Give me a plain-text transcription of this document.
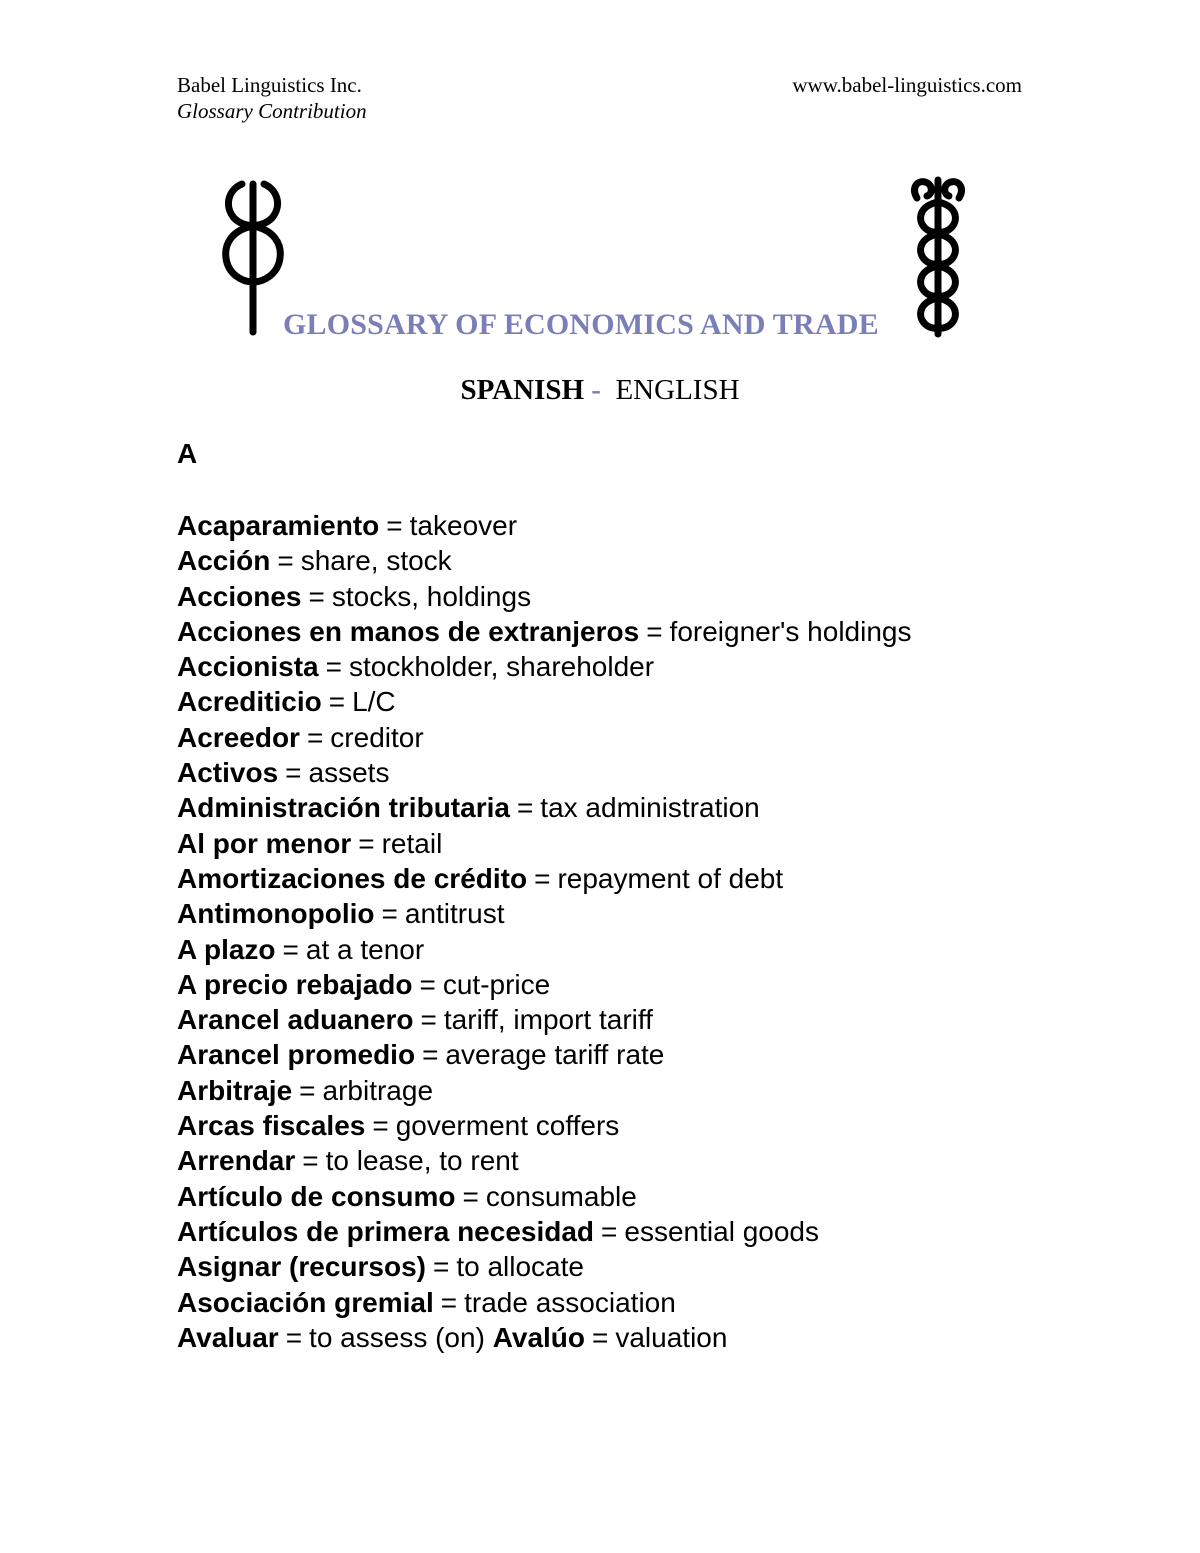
Babel Linguistics Inc.
Glossary Contribution
www.babel-linguistics.com
GLOSSARY OF ECONOMICS AND TRADE
SPANISH - ENGLISH
A
Acaparamiento = takeover
Acción = share, stock
Acciones = stocks, holdings
Acciones en manos de extranjeros = foreigner's holdings
Accionista = stockholder, shareholder
Acrediticio = L/C
Acreedor = creditor
Activos = assets
Administración tributaria = tax administration
Al por menor = retail
Amortizaciones de crédito = repayment of debt
Antimonopolio = antitrust
A plazo = at a tenor
A precio rebajado = cut-price
Arancel aduanero = tariff, import tariff
Arancel promedio = average tariff rate
Arbitraje = arbitrage
Arcas fiscales = goverment coffers
Arrendar = to lease, to rent
Artículo de consumo = consumable
Artículos de primera necesidad = essential goods
Asignar (recursos) = to allocate
Asociación gremial = trade association
Avaluar = to assess (on) Avalúo = valuation
